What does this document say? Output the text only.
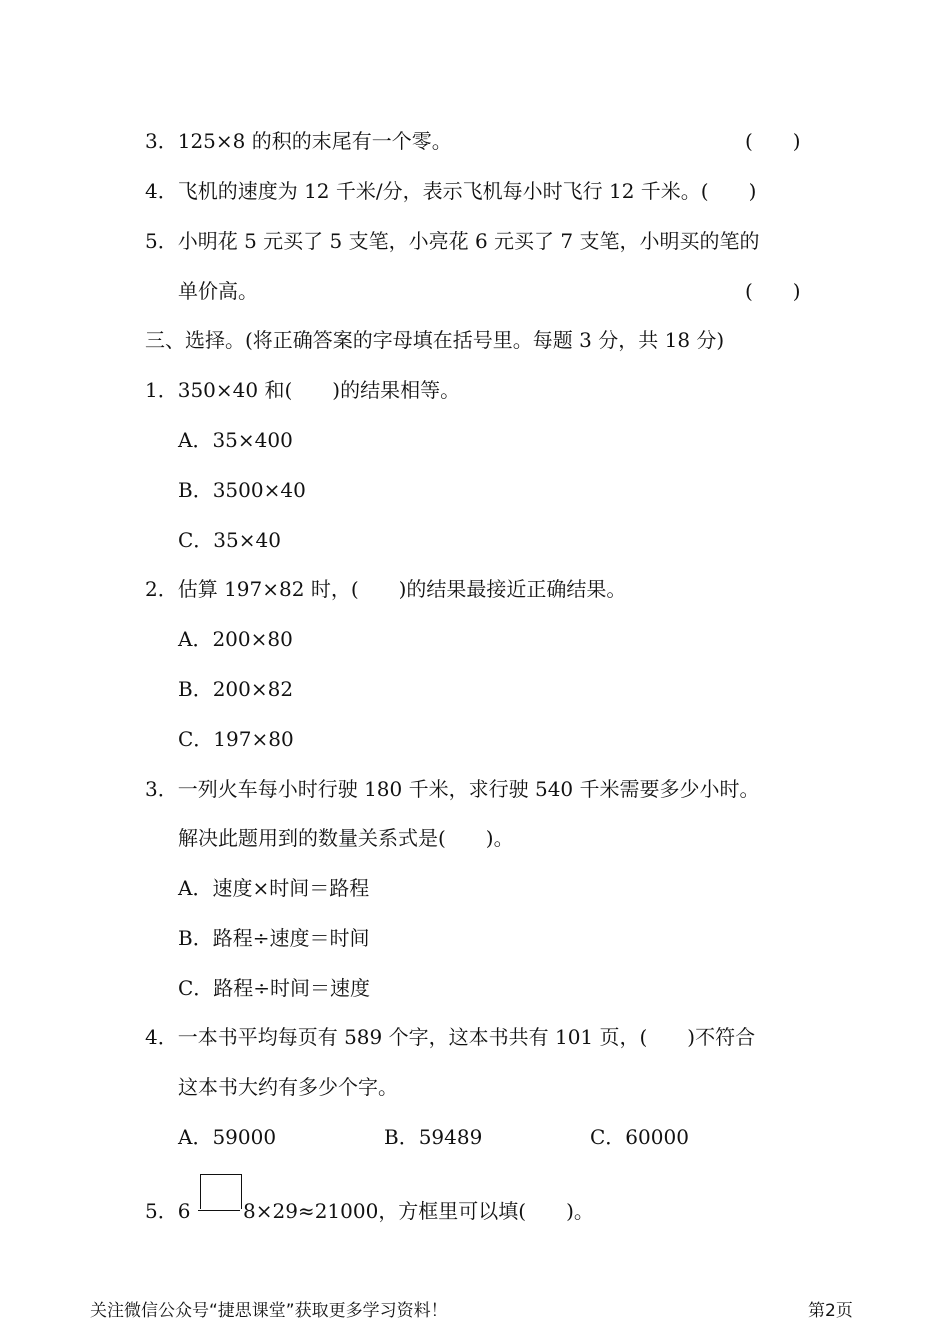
3．125×8 的积的末尾有一个零。	(　　)
4．飞机的速度为 12 千米/分，表示飞机每小时飞行 12 千米。(　　)
5．小明花 5 元买了 5 支笔，小亮花 6 元买了 7 支笔，小明买的笔的
单价高。	(　　)
三、选择。(将正确答案的字母填在括号里。每题 3 分，共 18 分)
1．350×40 和(　　)的结果相等。
A．35×400
B．3500×40
C．35×40
2．估算 197×82 时，(　　)的结果最接近正确结果。
A．200×80
B．200×82
C．197×80
3．一列火车每小时行驶 180 千米，求行驶 540 千米需要多少小时。
解决此题用到的数量关系式是(　　)。
A．速度×时间＝路程
B．路程÷速度＝时间
C．路程÷时间＝速度
4．一本书平均每页有 589 个字，这本书共有 101 页，(　　)不符合
这本书大约有多少个字。
A．59000	B．59489	C．60000
5．6	8×29≈21000，方框里可以填(　　)。
关注微信公众号“捷思课堂”获取更多学习资料！	第2页
